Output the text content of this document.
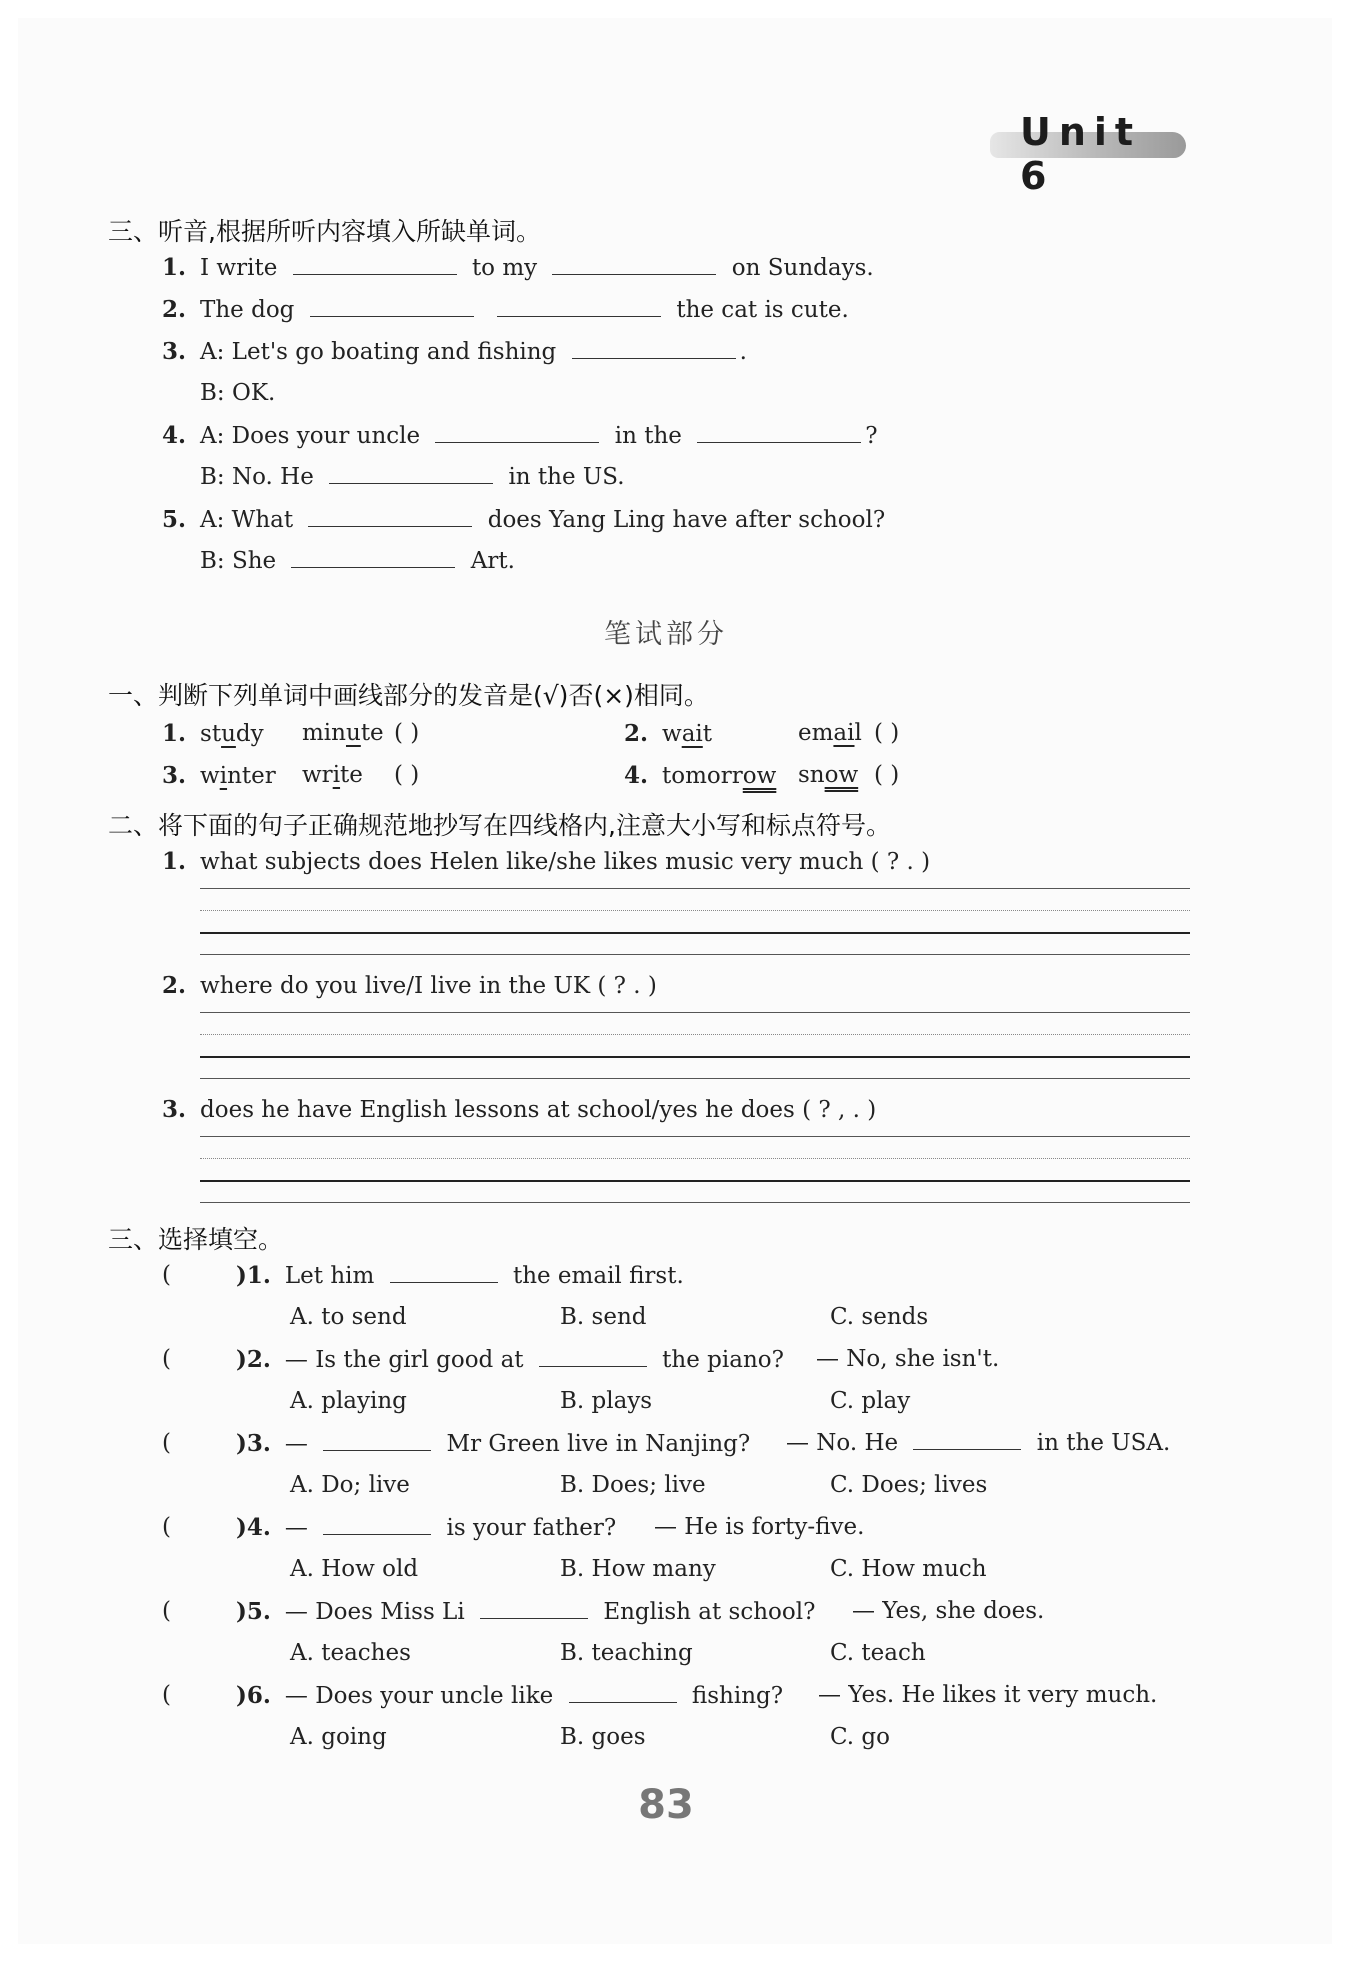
Unit 6
三、听音,根据所听内容填入所缺单词。
1. I write	to my	on Sundays.
2. The dog	the cat is cute.
3. A: Let's go boating and fishing	.
B: OK.
4. A: Does your uncle	in the	?
B: No. He	in the US.
5. A: What	does Yang Ling have after school?
B: She	Art.
笔试部分
一、判断下列单词中画线部分的发音是(√)否(×)相同。
1. study minute ( )	2. wait	email ( )
3. winter write ( )	4. tomorrow snow ( )
二、将下面的句子正确规范地抄写在四线格内,注意大小写和标点符号。
1. what subjects does Helen like/she likes music very much ( ? . )
2. where do you live/I live in the UK ( ? . )
3. does he have English lessons at school/yes he does ( ? , . )
三、选择填空。
(	)1. Let him	the email first.
A. to send	B. send	C. sends
(	)2. — Is the girl good at	the piano? — No, she isn't.
A. playing	B. plays	C. play
(	)3. —	Mr Green live in Nanjing? — No. He	in the USA.
A. Do; live	B. Does; live	C. Does; lives
(	)4. —	is your father? — He is forty-five.
A. How old	B. How many	C. How much
(	)5. — Does Miss Li	English at school? — Yes, she does.
A. teaches	B. teaching	C. teach
(	)6. — Does your uncle like	fishing? — Yes. He likes it very much.
A. going	B. goes	C. go
83
